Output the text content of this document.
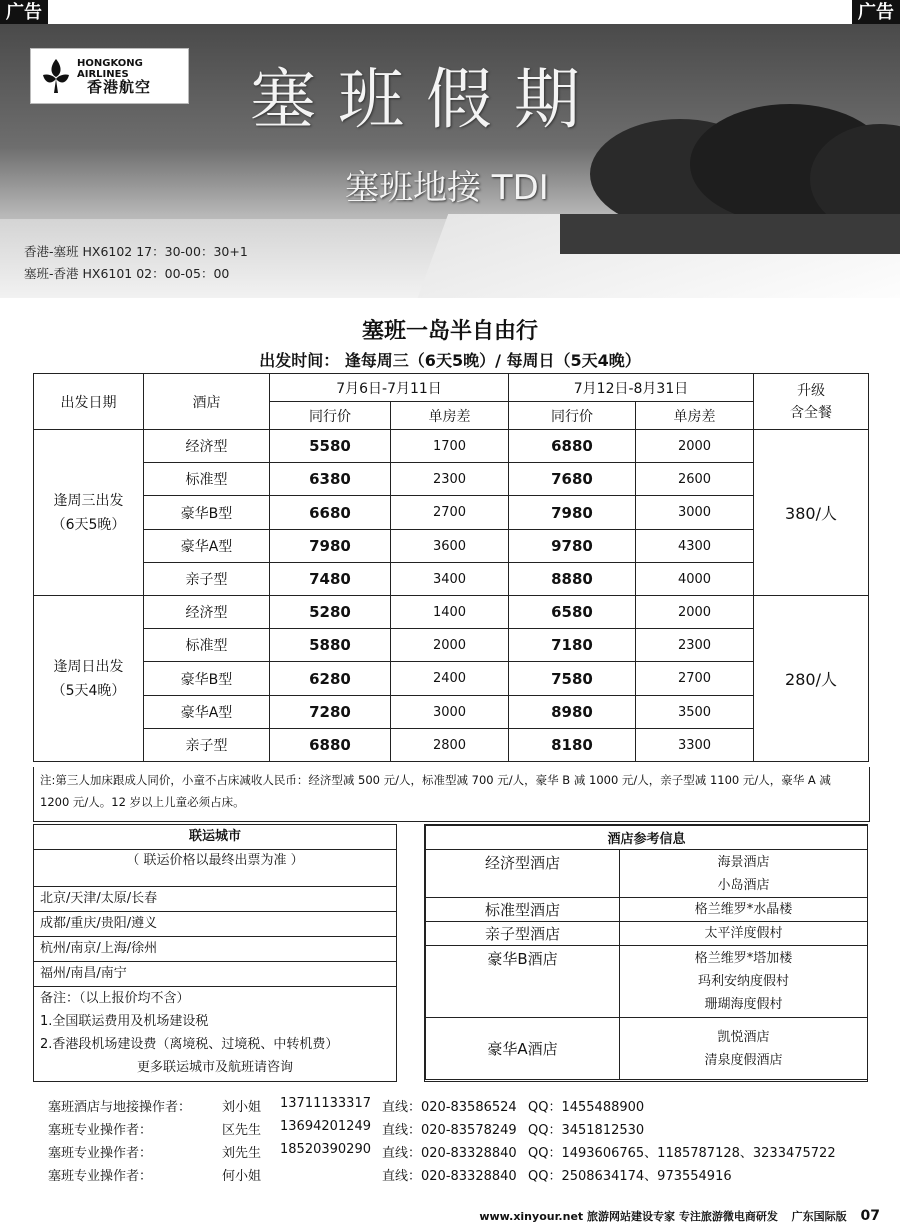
广告	广告
HONGKONG AIRLINES
香港航空 塞班假期
塞班地接 TDI
香港-塞班 HX6102 17：30-00：30+1
塞班-香港 HX6101 02：00-05：00
塞班一岛半自由行
出发时间： 逢每周三（6天5晚）/ 每周日（5天4晚）
出发日期	酒店	7月6日-7月11日		7月12日-8月31日		升级
含全餐
		同行价	单房差	同行价	单房差	
逢周三出发
（6天5晚）	经济型	5580	1700	6880	2000	380/人
	标准型	6380	2300	7680	2600	
	豪华B型	6680	2700	7980	3000	
	豪华A型	7980	3600	9780	4300	
	亲子型	7480	3400	8880	4000	
逢周日出发
（5天4晚）	经济型	5280	1400	6580	2000	280/人
	标准型	5880	2000	7180	2300	
	豪华B型	6280	2400	7580	2700	
	豪华A型	7280	3000	8980	3500	
	亲子型	6880	2800	8180	3300	
注:第三人加床跟成人同价，小童不占床减收人民币：经济型减 500 元/人，标准型减 700 元/人，豪华 B 减 1000 元/人，亲子型减 1100 元/人，豪华 A 减 1200 元/人。12 岁以上儿童必须占床。
联运城市
（ 联运价格以最终出票为准 ）
北京/天津/太原/长春
成都/重庆/贵阳/遵义
杭州/南京/上海/徐州
福州/南昌/南宁
备注：（以上报价均不含）
1.全国联运费用及机场建设税
2.香港段机场建设费（离境税、过境税、中转机费）
更多联运城市及航班请咨询
酒店参考信息	
经济型酒店	海景酒店
小岛酒店
标准型酒店	格兰维罗*水晶楼
亲子型酒店	太平洋度假村
豪华B酒店	格兰维罗*塔加楼
玛利安纳度假村
珊瑚海度假村
豪华A酒店	凯悦酒店
清泉度假酒店
塞班酒店与地接操作者： 刘小姐 13711133317 直线：020-83586524 QQ：1455488900
塞班专业操作者：	区先生 13694201249 直线：020-83578249 QQ：3451812530
塞班专业操作者：	刘先生 18520390290 直线：020-83328840 QQ：1493606765、1185787128、3233475722
塞班专业操作者：	何小姐	直线：020-83328840 QQ：2508634174、973554916
www.xinyour.net 旅游网站建设专家 专注旅游微电商研发 广东国际版 07
